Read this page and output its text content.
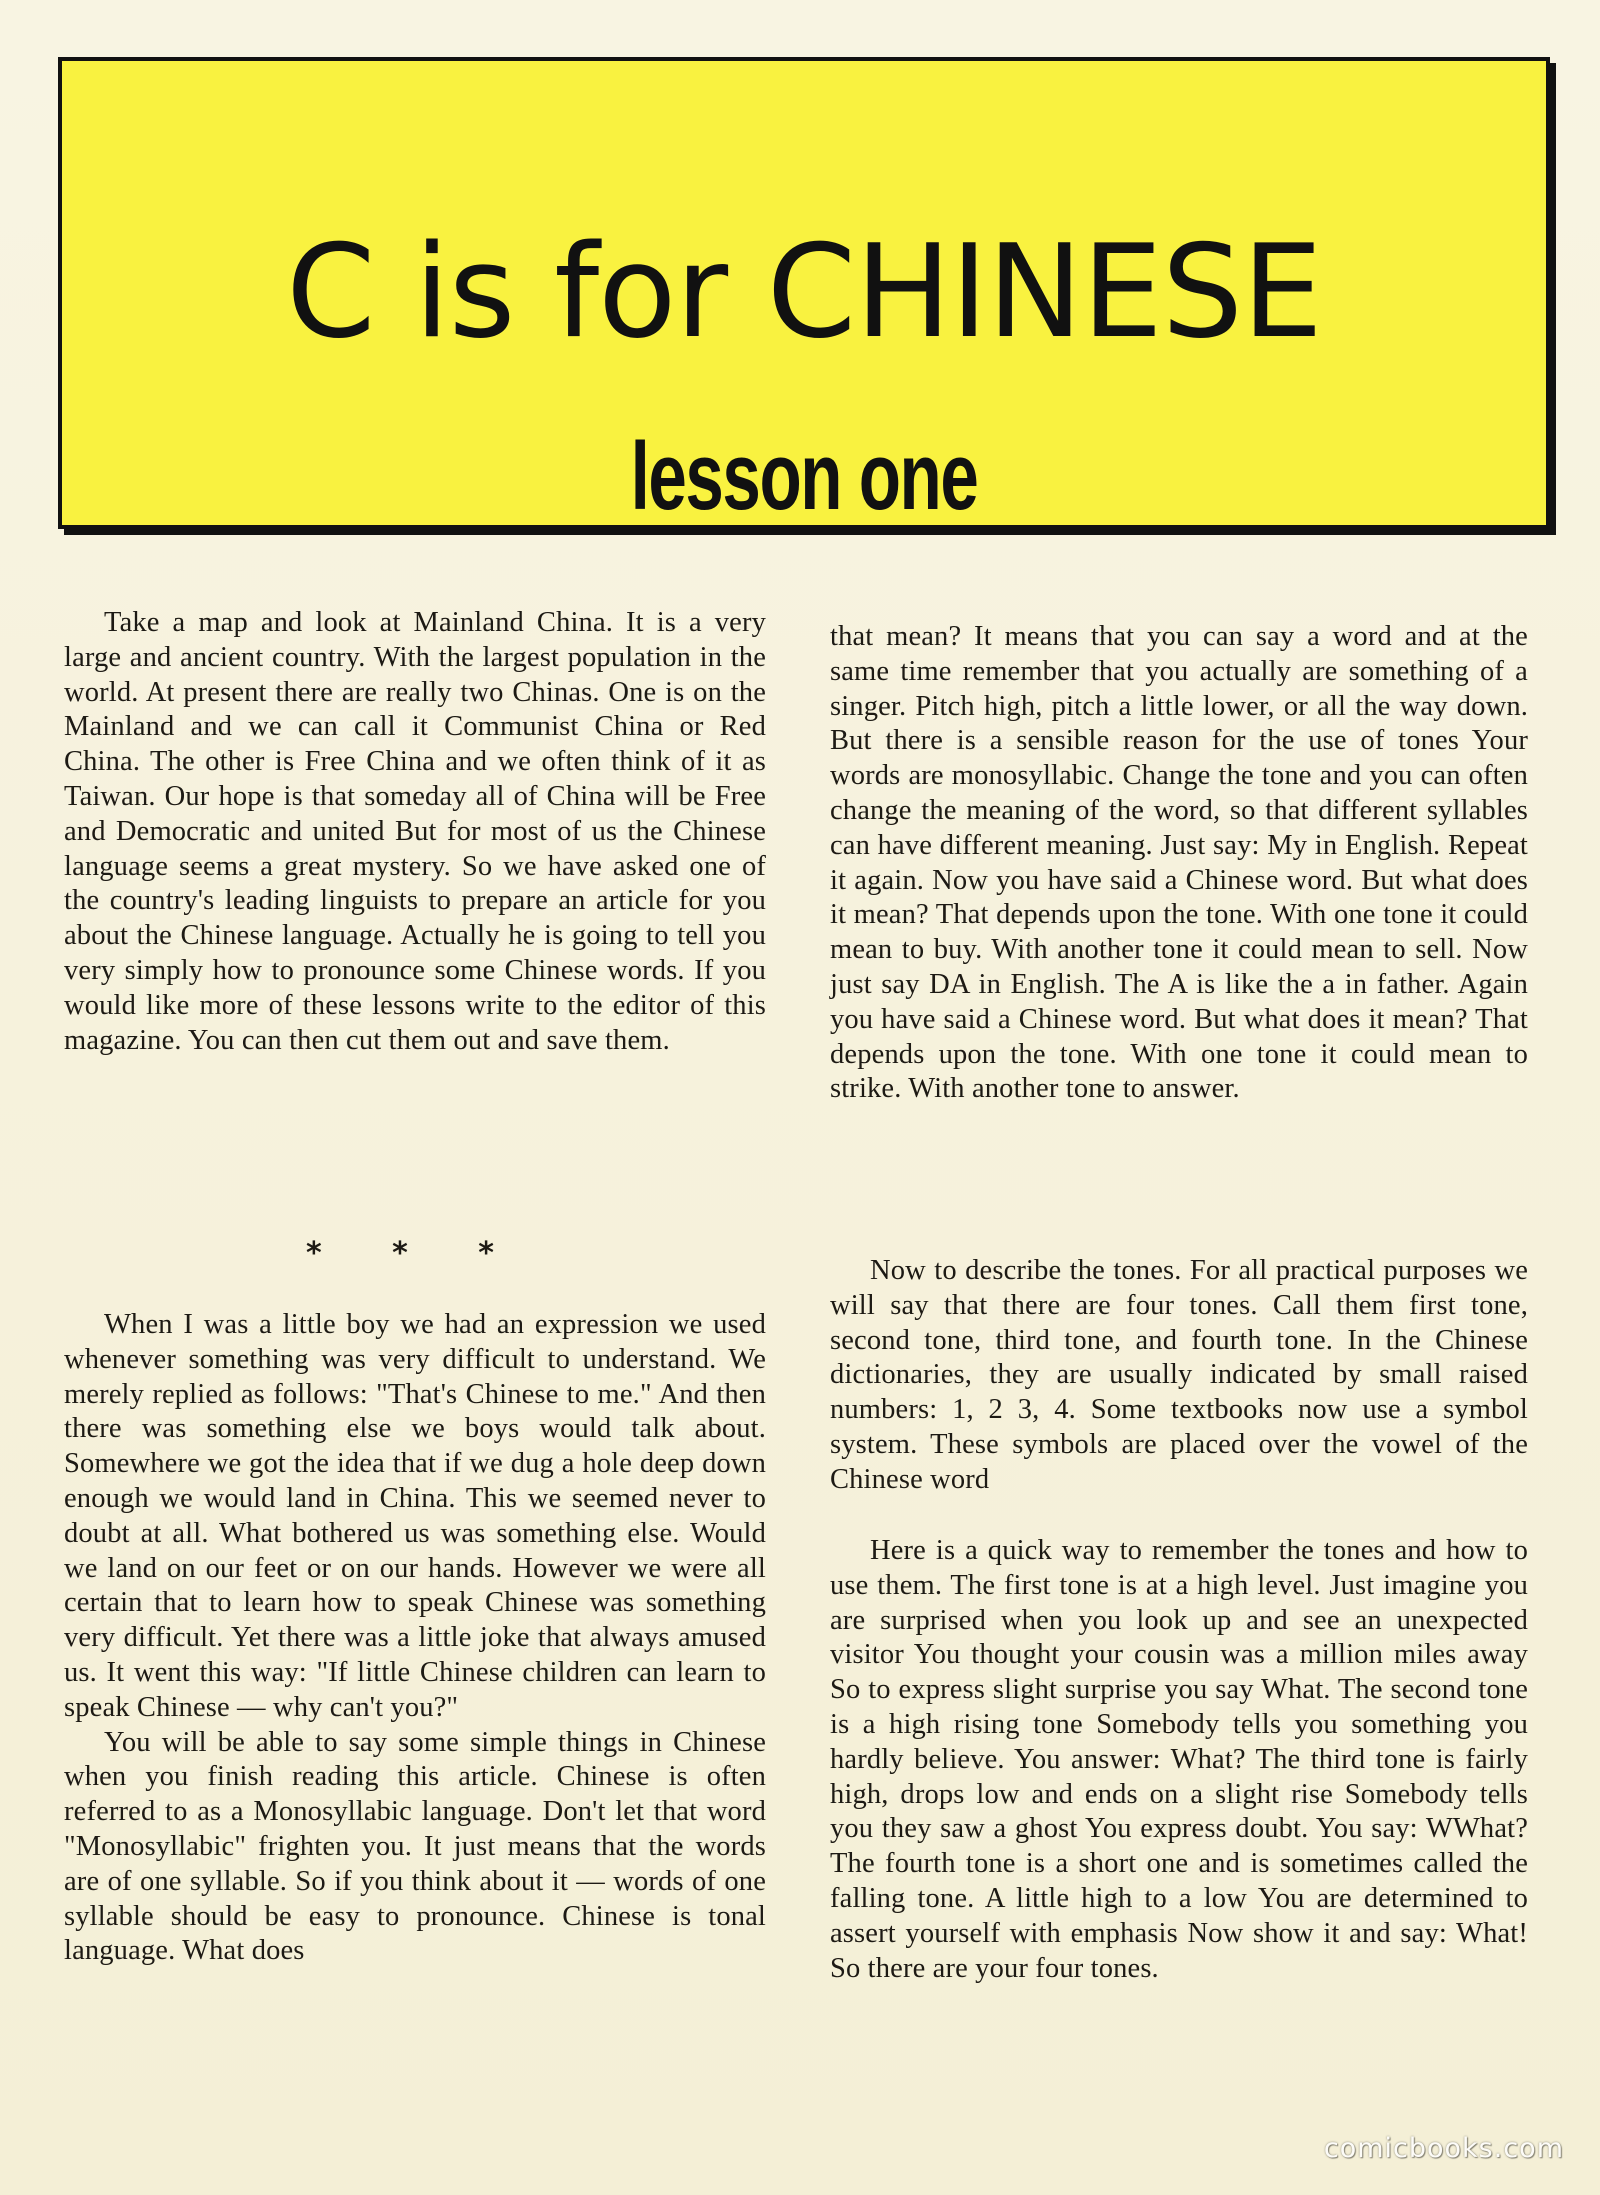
C is for CHINESE
lesson one

Take a map and look at Mainland China. It is a very large and ancient country. With the largest population in the world. At present there are really two Chinas. One is on the Mainland and we can call it Communist China or Red China. The other is Free China and we often think of it as Taiwan. Our hope is that someday all of China will be Free and Democratic and united But for most of us the Chinese language seems a great mystery. So we have asked one of the country's leading linguists to prepare an article for you about the Chinese language. Actually he is going to tell you very simply how to pronounce some Chinese words. If you would like more of these lessons write to the editor of this magazine. You can then cut them out and save them.

* * *

When I was a little boy we had an expression we used whenever something was very difficult to understand. We merely replied as follows: "That's Chinese to me." And then there was something else we boys would talk about. Somewhere we got the idea that if we dug a hole deep down enough we would land in China. This we seemed never to doubt at all. What bothered us was something else. Would we land on our feet or on our hands. However we were all certain that to learn how to speak Chinese was something very difficult. Yet there was a little joke that always amused us. It went this way: "If little Chinese children can learn to speak Chinese — why can't you?"

You will be able to say some simple things in Chinese when you finish reading this article. Chinese is often referred to as a Monosyllabic language. Don't let that word "Monosyllabic" frighten you. It just means that the words are of one syllable. So if you think about it — words of one syllable should be easy to pronounce. Chinese is tonal language. What does

that mean? It means that you can say a word and at the same time remember that you actually are something of a singer. Pitch high, pitch a little lower, or all the way down. But there is a sensible reason for the use of tones Your words are monosyllabic. Change the tone and you can often change the meaning of the word, so that different syllables can have different meaning. Just say: My in English. Repeat it again. Now you have said a Chinese word. But what does it mean? That depends upon the tone. With one tone it could mean to buy. With another tone it could mean to sell. Now just say DA in English. The A is like the a in father. Again you have said a Chinese word. But what does it mean? That depends upon the tone. With one tone it could mean to strike. With another tone to answer.

Now to describe the tones. For all practical purposes we will say that there are four tones. Call them first tone, second tone, third tone, and fourth tone. In the Chinese dictionaries, they are usually indicated by small raised numbers: 1, 2 3, 4. Some textbooks now use a symbol system. These symbols are placed over the vowel of the Chinese word

Here is a quick way to remember the tones and how to use them. The first tone is at a high level. Just imagine you are surprised when you look up and see an unexpected visitor You thought your cousin was a million miles away So to express slight surprise you say What. The second tone is a high rising tone Somebody tells you something you hardly believe. You answer: What? The third tone is fairly high, drops low and ends on a slight rise Somebody tells you they saw a ghost You express doubt. You say: WWhat? The fourth tone is a short one and is sometimes called the falling tone. A little high to a low You are determined to assert yourself with emphasis Now show it and say: What! So there are your four tones.

comicbooks.com
